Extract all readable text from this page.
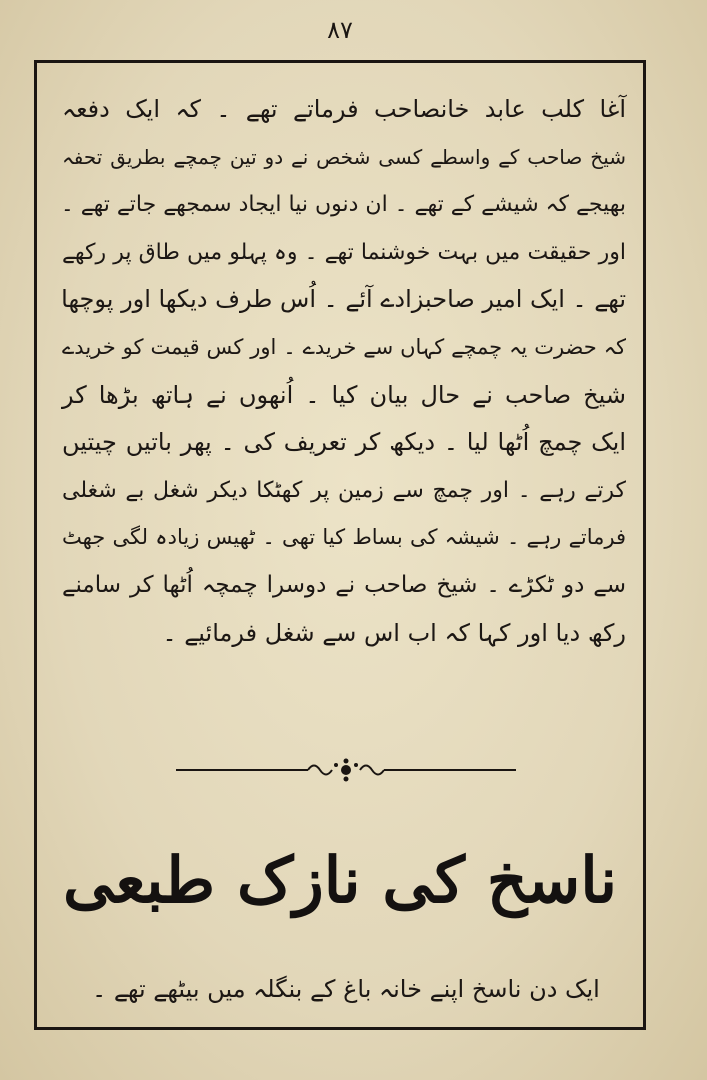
۸۷
آغا کلب عابد خانصاحب فرماتے تھے ۔ کہ ایک دفعہ
شیخ صاحب کے واسطے کسی شخص نے دو تین چمچے بطریق تحفہ
بھیجے کہ شیشے کے تھے ۔ ان دنوں نیا ایجاد سمجھے جاتے تھے ۔
اور حقیقت میں بہت خوشنما تھے ۔ وہ پہلو میں طاق پر رکھے
تھے ۔ ایک امیر صاحبزادے آئے ۔ اُس طرف دیکھا اور پوچھا
کہ حضرت یہ چمچے کہاں سے خریدے ۔ اور کس قیمت کو خریدے
شیخ صاحب نے حال بیان کیا ۔ اُنھوں نے ہاتھ بڑھا کر
ایک چمچ اُٹھا لیا ۔ دیکھ کر تعریف کی ۔ پھر باتیں چیتیں
کرتے رہے ۔ اور چمچ سے زمین پر کھٹکا دیکر شغل بے شغلی
فرماتے رہے ۔ شیشہ کی بساط کیا تھی ۔ ٹھیس زیادہ لگی جھٹ
سے دو ٹکڑے ۔ شیخ صاحب نے دوسرا چمچہ اُٹھا کر سامنے
رکھ دیا اور کہا کہ اب اس سے شغل فرمائیے ۔
ناسخ کی نازک طبعی
ایک دن ناسخ اپنے خانہ باغ کے بنگلہ میں بیٹھے تھے ۔
